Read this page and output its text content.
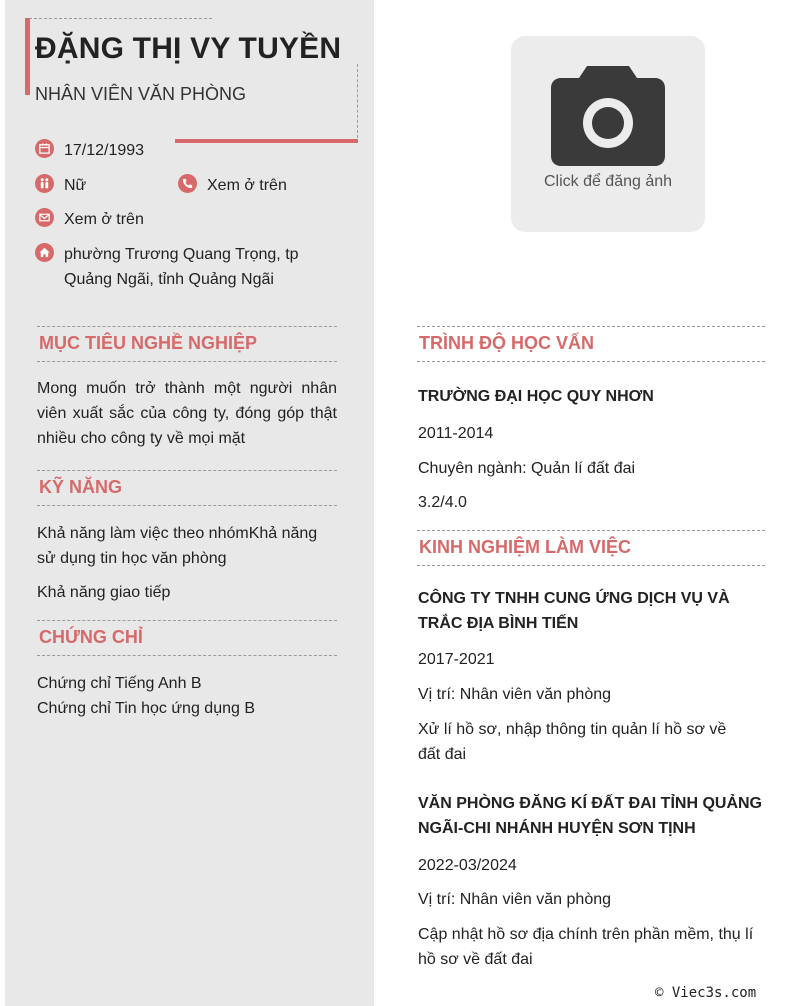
ĐẶNG THỊ VY TUYỀN
NHÂN VIÊN VĂN PHÒNG
17/12/1993
Nữ	Xem ở trên
Xem ở trên
phường Trương Quang Trọng, tp
Quảng Ngãi, tỉnh Quảng Ngãi
Click để đăng ảnh
MỤC TIÊU NGHỀ NGHIỆP
Mong muốn trở thành một người nhân viên xuất sắc của công ty, đóng góp thật nhiều cho công ty về mọi mặt
KỸ NĂNG
Khả năng làm việc theo nhómKhả năng sử dụng tin học văn phòng
Khả năng giao tiếp
CHỨNG CHỈ
Chứng chỉ Tiếng Anh B
Chứng chỉ Tin học ứng dụng B
TRÌNH ĐỘ HỌC VẤN
TRƯỜNG ĐẠI HỌC QUY NHƠN
2011-2014
Chuyên ngành: Quản lí đất đai
3.2/4.0
KINH NGHIỆM LÀM VIỆC
CÔNG TY TNHH CUNG ỨNG DỊCH VỤ VÀ TRẮC ĐỊA BÌNH TIẾN
2017-2021
Vị trí: Nhân viên văn phòng
Xử lí hồ sơ, nhập thông tin quản lí hồ sơ về đất đai
VĂN PHÒNG ĐĂNG KÍ ĐẤT ĐAI TỈNH QUẢNG NGÃI-CHI NHÁNH HUYỆN SƠN TỊNH
2022-03/2024
Vị trí: Nhân viên văn phòng
Cập nhật hồ sơ địa chính trên phần mềm, thụ lí hồ sơ về đất đai
© Viec3s.com
